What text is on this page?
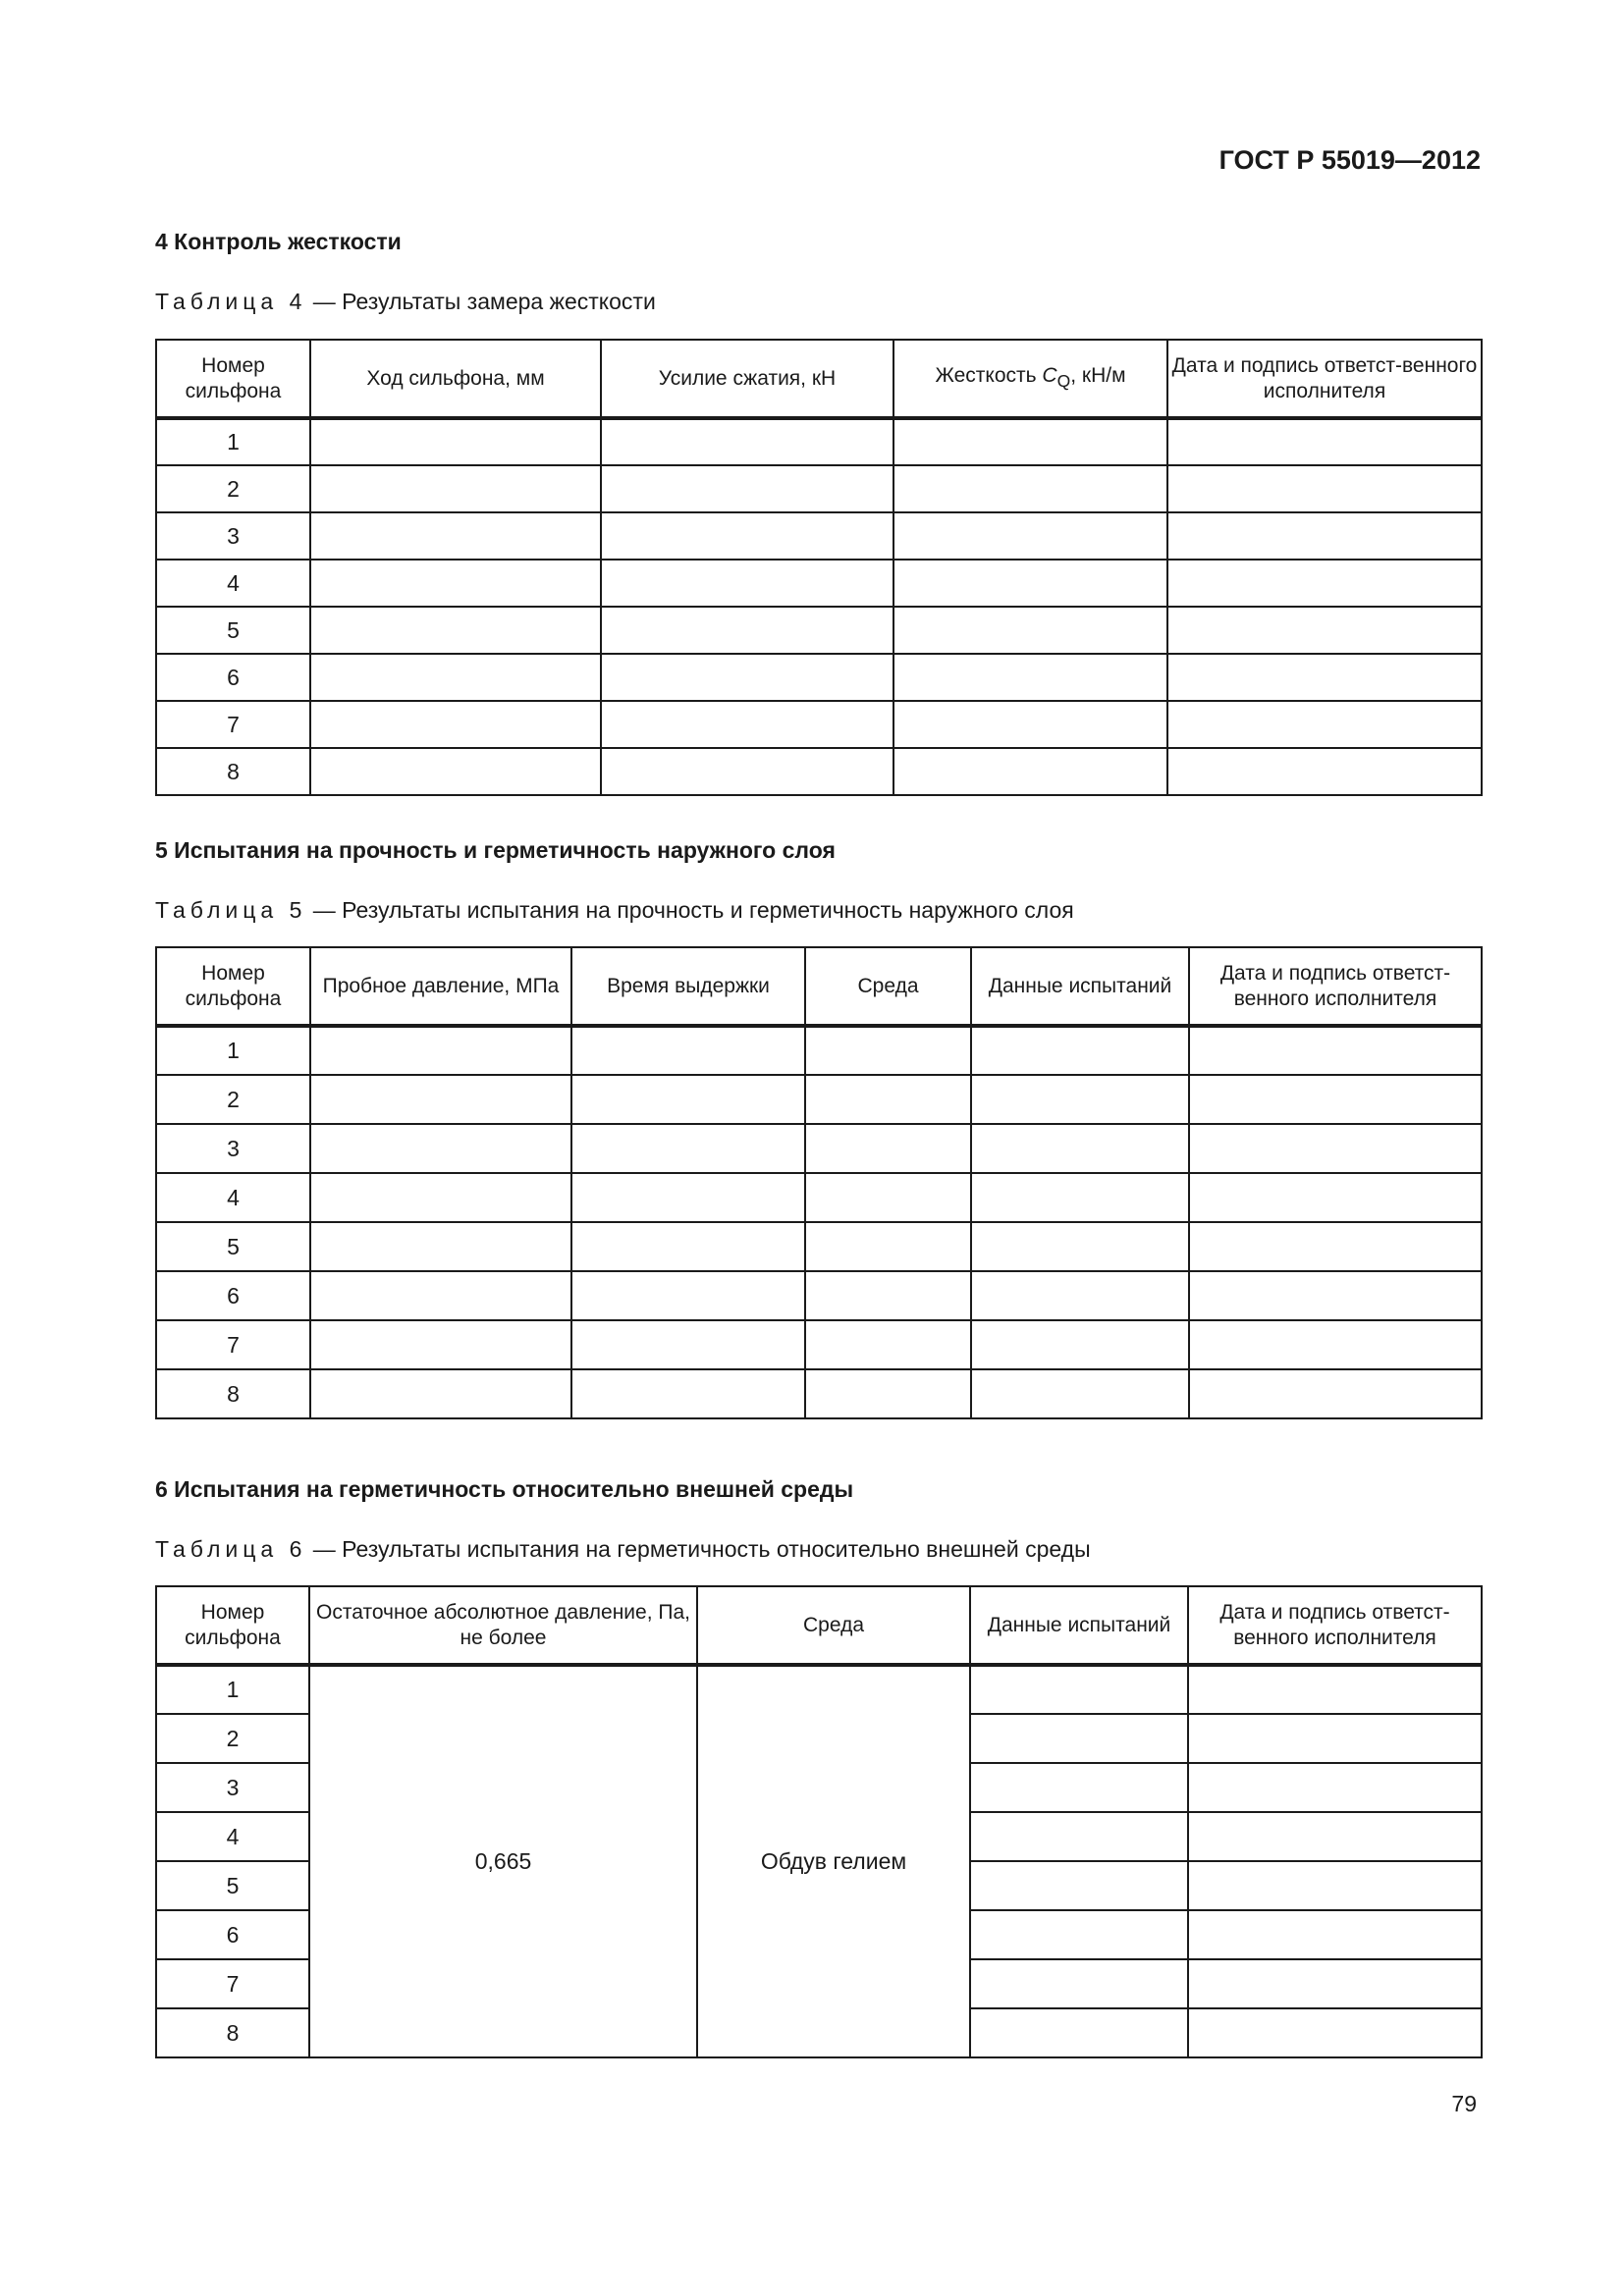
ГОСТ Р 55019—2012
4 Контроль жесткости
Таблица 4 — Результаты замера жесткости
Номер сильфона	Ход сильфона, мм	Усилие сжатия, кН	Жесткость $C_Q$, кН/м	Дата и подпись ответст-венного исполнителя
1				
2				
3				
4				
5				
6				
7				
8				
5 Испытания на прочность и герметичность наружного слоя
Таблица 5 — Результаты испытания на прочность и герметичность наружного слоя
Номер сильфона	Пробное давление, МПа	Время выдержки	Среда	Данные испытаний	Дата и подпись ответст-венного исполнителя
1					
2					
3					
4					
5					
6					
7					
8					
6 Испытания на герметичность относительно внешней среды
Таблица 6 — Результаты испытания на герметичность относительно внешней среды
Номер сильфона	Остаточное абсолютное давление, Па, не более	Среда	Данные испытаний	Дата и подпись ответст-венного исполнителя
1	0,665	Обдув гелием		
2				
3				
4				
5				
6				
7				
8				
79
